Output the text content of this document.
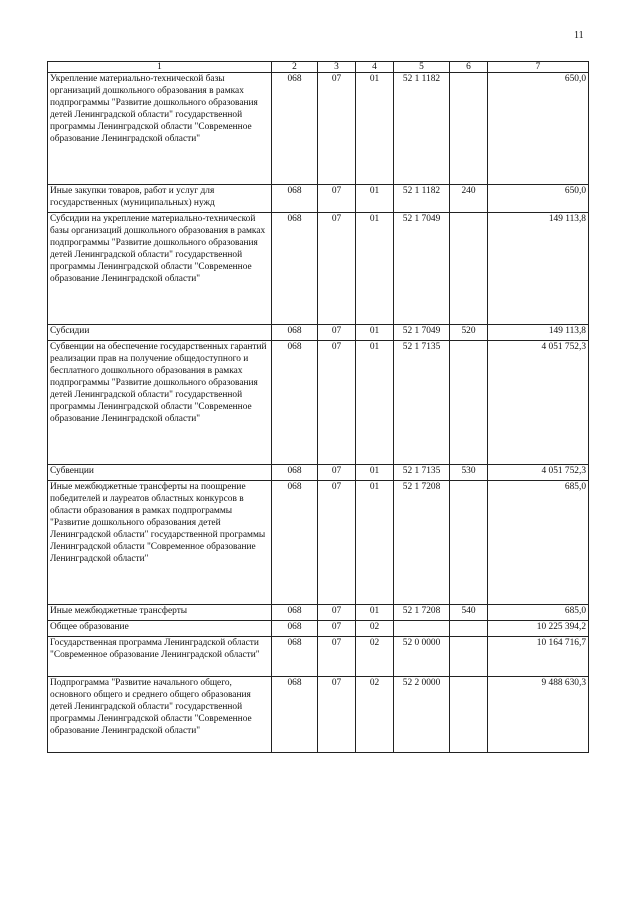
11
1	2	3	4	5	6	7
Укрепление материально-технической базы организаций дошкольного образования в рамках подпрограммы "Развитие дошкольного образования детей Ленинградской области" государственной программы Ленинградской области "Современное образование Ленинградской области"	068	07	01	52 1 1182		650,0
Иные закупки товаров, работ и услуг для государственных (муниципальных) нужд	068	07	01	52 1 1182	240	650,0
Субсидии на укрепление материально-технической базы организаций дошкольного образования в рамках подпрограммы "Развитие дошкольного образования детей Ленинградской области" государственной программы Ленинградской области "Современное образование Ленинградской области"	068	07	01	52 1 7049		149 113,8
Субсидии	068	07	01	52 1 7049	520	149 113,8
Субвенции на обеспечение государственных гарантий реализации прав на получение общедоступного и бесплатного дошкольного образования в рамках подпрограммы "Развитие дошкольного образования детей Ленинградской области" государственной программы Ленинградской области "Современное образование Ленинградской области"	068	07	01	52 1 7135		4 051 752,3
Субвенции	068	07	01	52 1 7135	530	4 051 752,3
Иные межбюджетные трансферты на поощрение победителей и лауреатов областных конкурсов в области образования в рамках подпрограммы "Развитие дошкольного образования детей Ленинградской области" государственной программы Ленинградской области "Современное образование Ленинградской области"	068	07	01	52 1 7208		685,0
Иные межбюджетные трансферты	068	07	01	52 1 7208	540	685,0
Общее образование	068	07	02			10 225 394,2
Государственная программа Ленинградской области "Современное образование Ленинградской области"	068	07	02	52 0 0000		10 164 716,7
Подпрограмма "Развитие начального общего, основного общего и среднего общего образования детей Ленинградской области" государственной программы Ленинградской области "Современное образование Ленинградской области"	068	07	02	52 2 0000		9 488 630,3
